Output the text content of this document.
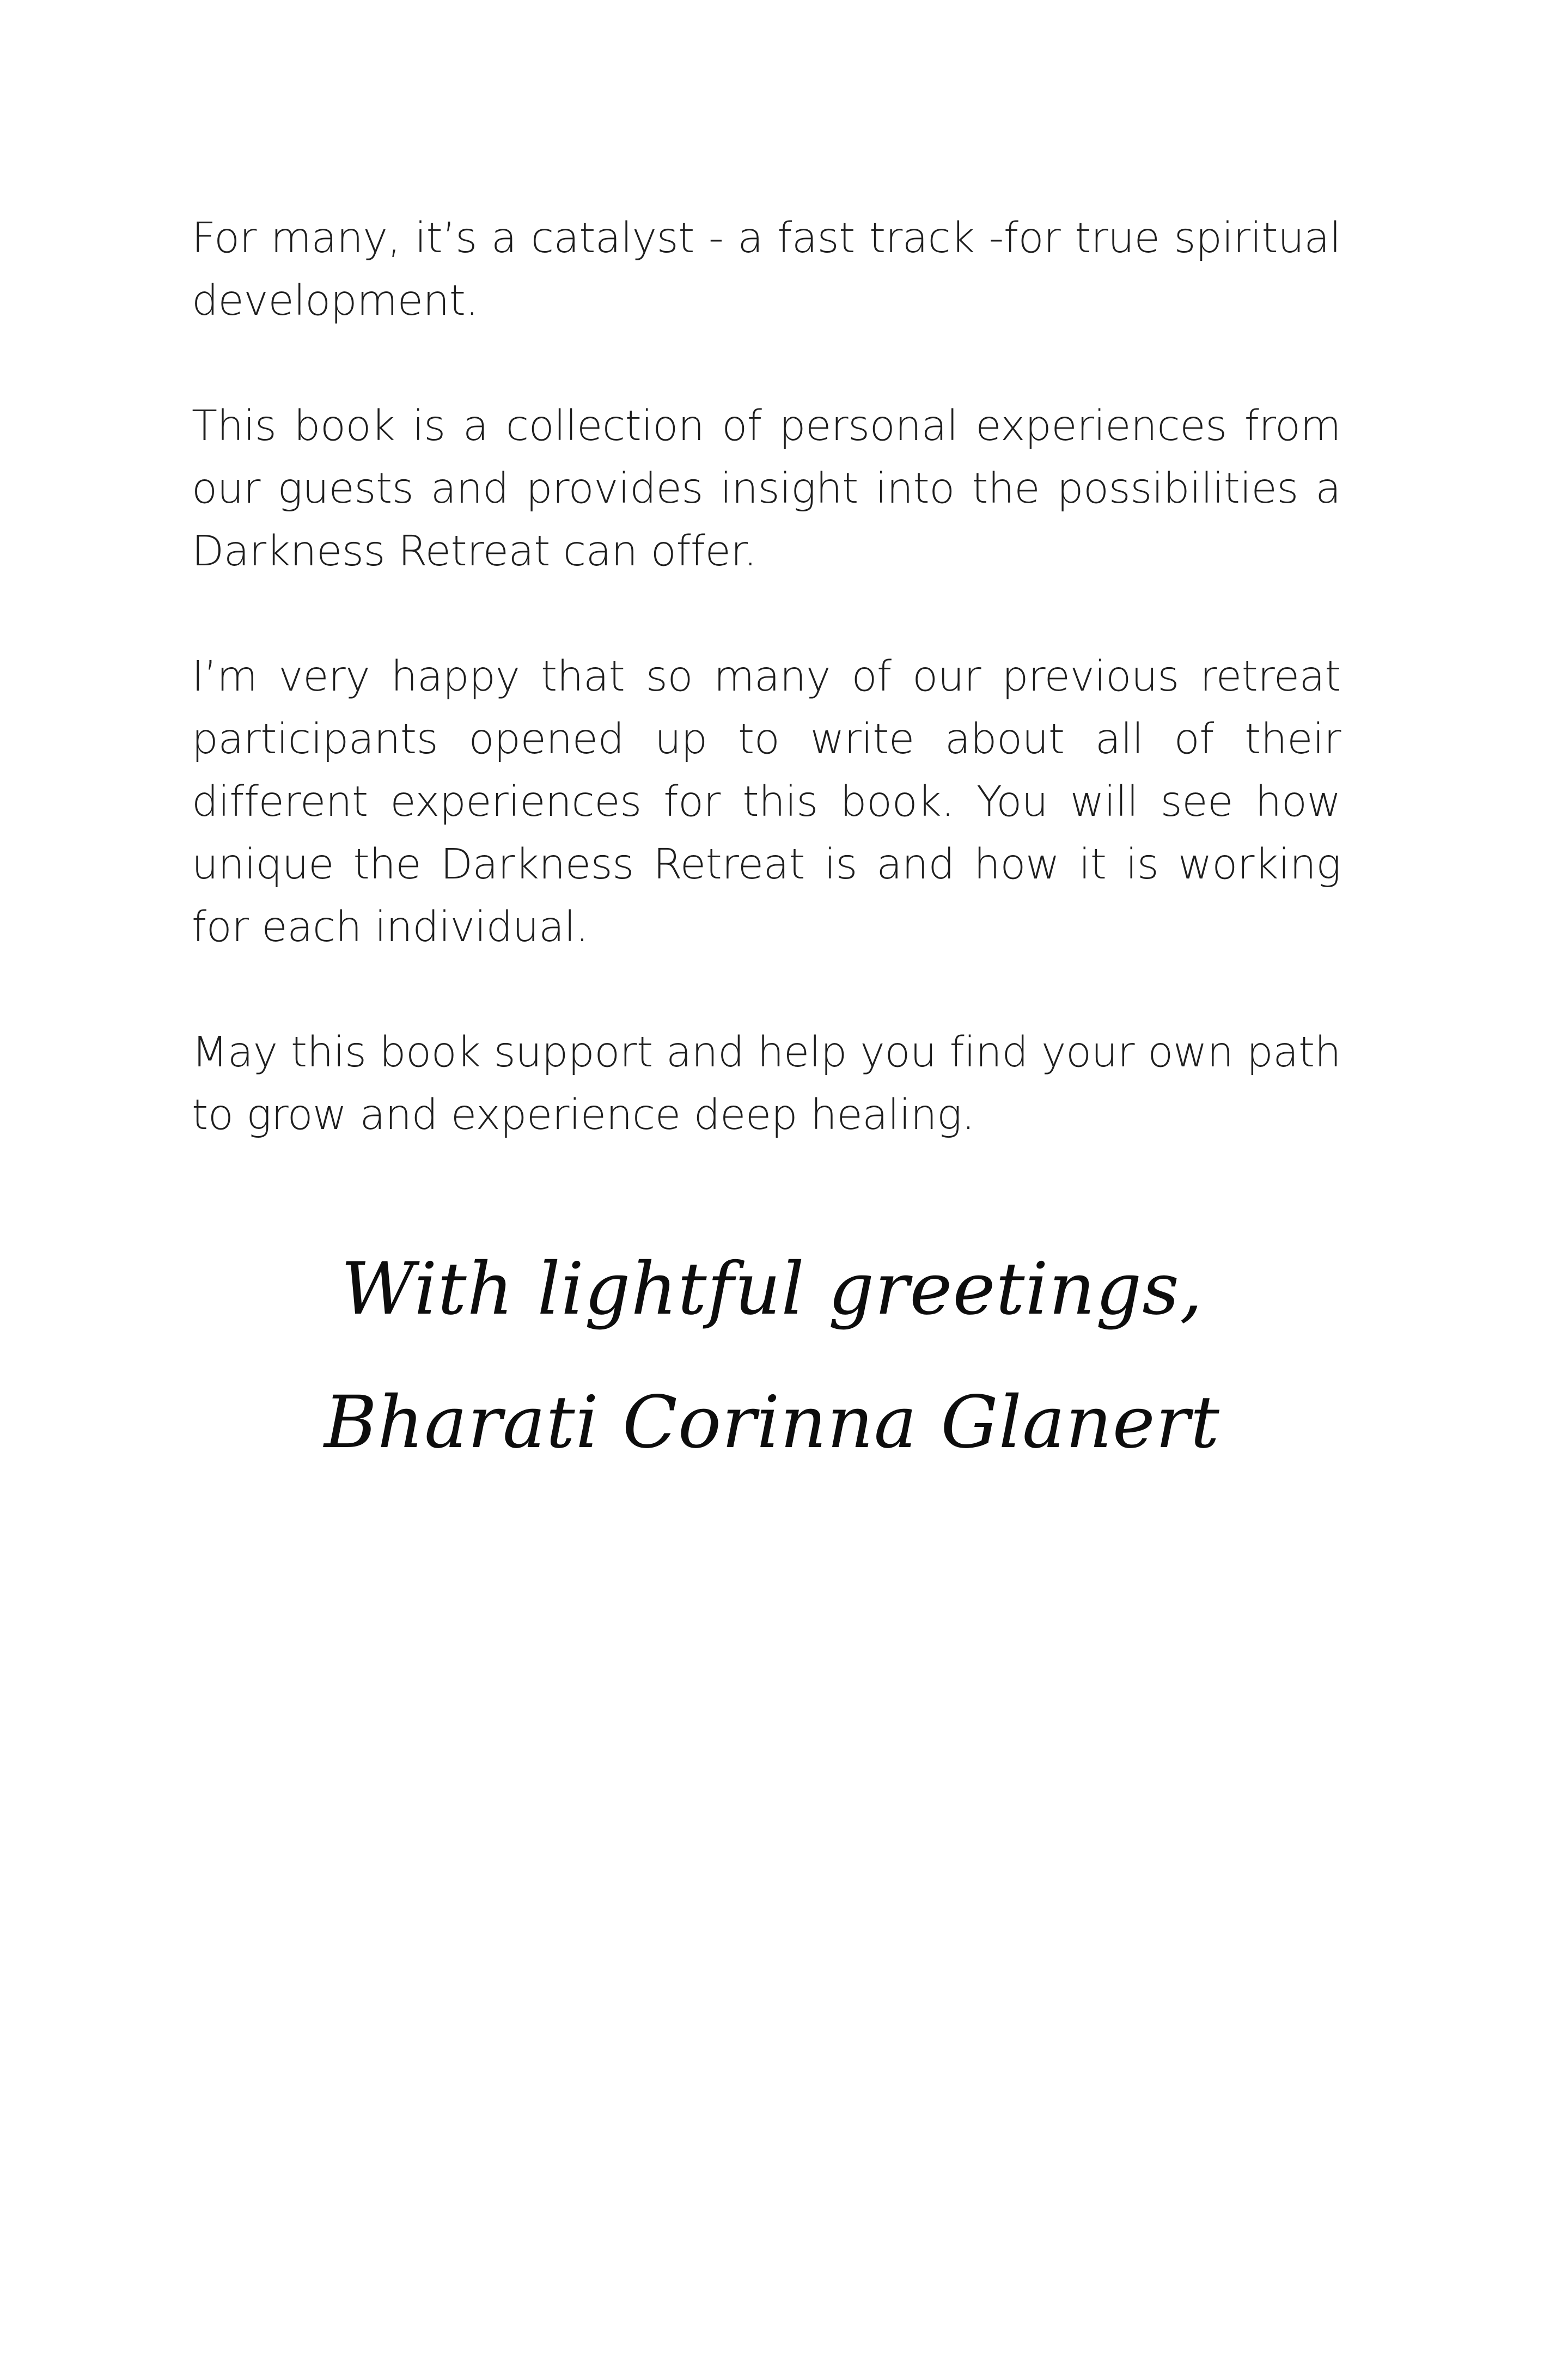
For many, it’s a catalyst - a fast track -for true spiritual development.

This book is a collection of personal experiences from our guests and provides insight into the possibilities a Darkness Retreat can offer.

I’m very happy that so many of our previous retreat participants opened up to write about all of their different experiences for this book. You will see how unique the Darkness Retreat is and how it is working for each individual.

May this book support and help you find your own path to grow and experience deep healing.

With lightful greetings,
Bharati Corinna Glanert
